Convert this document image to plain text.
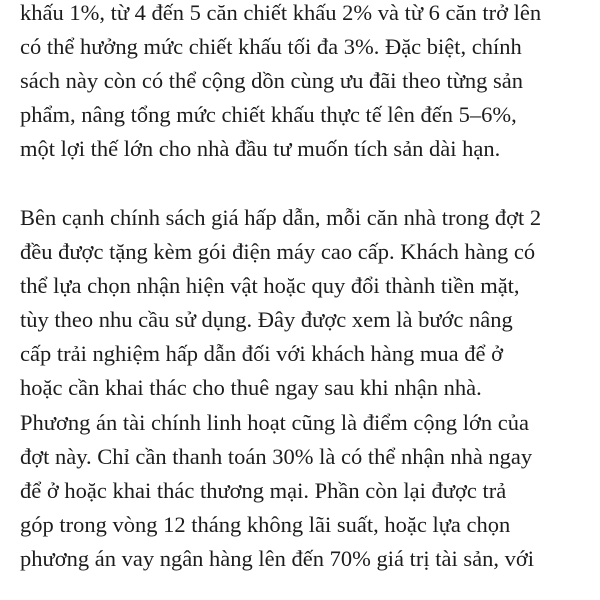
khấu 1%, từ 4 đến 5 căn chiết khấu 2% và từ 6 căn trở lên
có thể hưởng mức chiết khấu tối đa 3%. Đặc biệt, chính
sách này còn có thể cộng dồn cùng ưu đãi theo từng sản
phẩm, nâng tổng mức chiết khấu thực tế lên đến 5–6%,
một lợi thế lớn cho nhà đầu tư muốn tích sản dài hạn.

Bên cạnh chính sách giá hấp dẫn, mỗi căn nhà trong đợt 2
đều được tặng kèm gói điện máy cao cấp. Khách hàng có
thể lựa chọn nhận hiện vật hoặc quy đổi thành tiền mặt,
tùy theo nhu cầu sử dụng. Đây được xem là bước nâng
cấp trải nghiệm hấp dẫn đối với khách hàng mua để ở
hoặc cần khai thác cho thuê ngay sau khi nhận nhà.

Phương án tài chính linh hoạt cũng là điểm cộng lớn của
đợt này. Chỉ cần thanh toán 30% là có thể nhận nhà ngay
để ở hoặc khai thác thương mại. Phần còn lại được trả
góp trong vòng 12 tháng không lãi suất, hoặc lựa chọn
phương án vay ngân hàng lên đến 70% giá trị tài sản, với
